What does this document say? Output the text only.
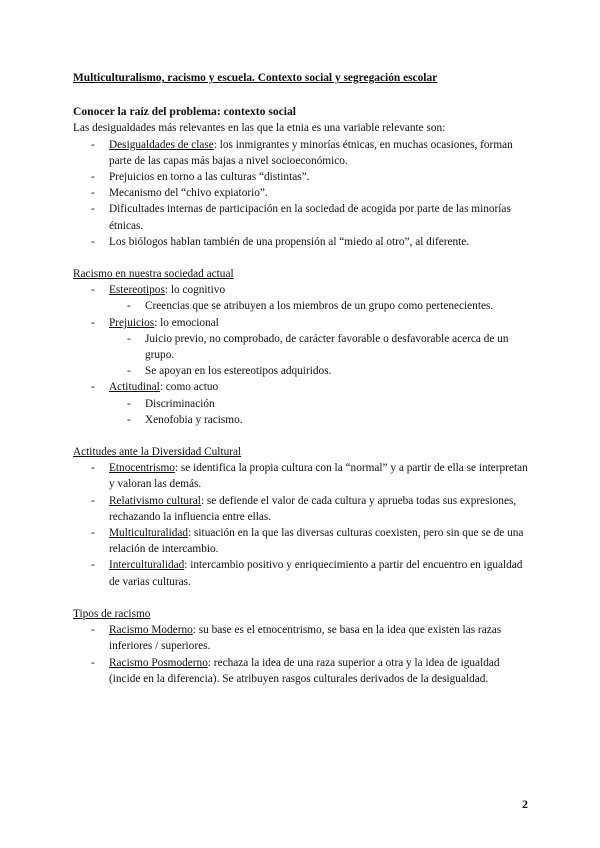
Multiculturalismo, racismo y escuela. Contexto social y segregación escolar

Conocer la raíz del problema: contexto social

Las desigualdades más relevantes en las que la etnia es una variable relevante son:

- Desigualdades de clase: los inmigrantes y minorías étnicas, en muchas ocasiones, forman parte de las capas más bajas a nivel socioeconómico.
- Prejuicios en torno a las culturas “distintas”.
- Mecanismo del “chivo expiatorio”.
- Dificultades internas de participación en la sociedad de acogida por parte de las minorías étnicas.
- Los biólogos hablan también de una propensión al “miedo al otro”, al diferente.

Racismo en nuestra sociedad actual

- Estereotipos: lo cognitivo
- Creencias que se atribuyen a los miembros de un grupo como pertenecientes.
- Prejuicios: lo emocional
- Juicio previo, no comprobado, de carácter favorable o desfavorable acerca de un grupo.
- Se apoyan en los estereotipos adquiridos.
- Actitudinal: como actuo
- Discriminación
- Xenofobia y racismo.

Actitudes ante la Diversidad Cultural

- Etnocentrismo: se identifica la propia cultura con la “normal” y a partir de ella se interpretan y valoran las demás.
- Relativismo cultural: se defiende el valor de cada cultura y aprueba todas sus expresiones, rechazando la influencia entre ellas.
- Multiculturalidad: situación en la que las diversas culturas coexisten, pero sin que se de una relación de intercambio.
- Interculturalidad: intercambio positivo y enriquecimiento a partir del encuentro en igualdad de varias culturas.

Tipos de racismo

- Racismo Moderno: su base es el etnocentrismo, se basa en la idea que existen las razas inferiores / superiores.
- Racismo Posmoderno: rechaza la idea de una raza superior a otra y la idea de igualdad (incide en la diferencia). Se atribuyen rasgos culturales derivados de la desigualdad.
2
